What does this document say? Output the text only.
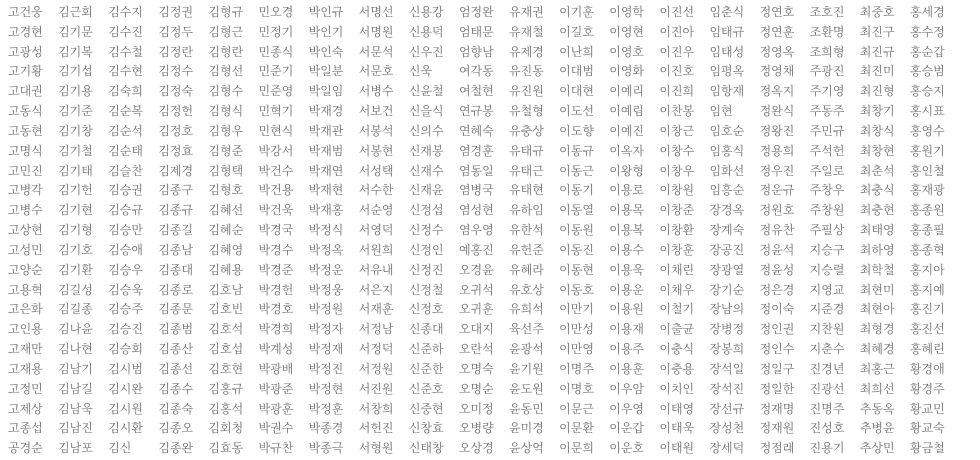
고건웅
고경현
고광성
고기황
고대권
고동식
고동현
고명식
고민진
고병각
고병수
고상현
고성민
고양순
고용혁
고은화
고인용
고재만
고재용
고정민
고제상
고종섭
공경순
김근회
김기문
김기복
김기섭
김기용
김기준
김기창
김기철
김기태
김기헌
김기현
김기형
김기호
김기환
김길성
김길종
김나윤
김나현
김남기
김남길
김남욱
김남진
김남포
김수지
김수진
김수철
김수현
김숙희
김순복
김순석
김순태
김슬찬
김승권
김승규
김승만
김승애
김승우
김승욱
김승주
김승진
김승회
김시범
김시완
김시원
김시환
김신
김정권
김정두
김정란
김정수
김정숙
김정헌
김정호
김정효
김제경
김종구
김종규
김종길
김종남
김종대
김종로
김종문
김종범
김종산
김종선
김종수
김종숙
김종오
김종완
김형규
김형근
김형란
김형선
김형수
김형식
김형우
김형준
김형택
김형호
김혜선
김혜순
김혜영
김혜용
김호남
김호빈
김호석
김호섭
김호현
김홍규
김홍석
김회청
김효동
민오경
민정기
민종식
민준기
민준영
민혁기
민현식
박강서
박건수
박건용
박건욱
박경국
박경수
박경준
박경헌
박경호
박경희
박계성
박광배
박광준
박광훈
박권수
박규찬
박인규
박인기
박인숙
박일분
박일임
박재경
박재관
박재범
박재연
박재현
박재홍
박정식
박정옥
박정운
박정웅
박정원
박정자
박정재
박정진
박정현
박정훈
박종경
박종극
서명선
서명원
서문석
서문호
서병수
서보건
서봉석
서봉현
서성택
서수한
서순영
서영덕
서원희
서유내
서은지
서재훈
서정남
서정덕
서정원
서진원
서창희
서헌진
서형원
신용강
신용덕
신우진
신욱
신윤철
신을식
신의수
신재봉
신재수
신재윤
신정섭
신정수
신정인
신정진
신정철
신정호
신종대
신준하
신준한
신준호
신중현
신창효
신태창
엄정완
엄태문
엄향남
여각동
여철현
연규봉
연혜숙
염경훈
염동일
염병국
염성현
염우영
예홍진
오경윤
오귀석
오귀훈
오대지
오란석
오명숙
오명순
오미정
오병량
오상경
유재권
유재철
유제경
유진동
유진원
유철형
유충상
유태규
유태근
유태현
유하임
유한석
유헌준
유혜라
유호상
유희석
육선주
윤광석
윤기원
윤도원
윤동민
윤미경
윤상억
이기훈
이길호
이난희
이대범
이대현
이도선
이도향
이동규
이동근
이동기
이동열
이동원
이동진
이동현
이동호
이만기
이만성
이만영
이명주
이명호
이문근
이문환
이문희
이영학
이영현
이영호
이영화
이예리
이예림
이예진
이옥자
이왕형
이용로
이용목
이용복
이용수
이용욱
이용운
이용원
이용재
이용주
이용훈
이우암
이우영
이운갑
이운호
이진선
이진아
이진우
이진호
이진희
이찬봉
이창근
이창수
이창우
이창원
이창준
이창환
이창훈
이채린
이채우
이철기
이출균
이충식
이충용
이치인
이태영
이태욱
이태원
임춘식
임태규
임태성
임평옥
임항재
임현
임호순
임홍식
임화선
임흥순
장경옥
장계숙
장공진
장광열
장기순
장남의
장병정
장봉희
장석일
장석진
장선규
장성천
장세덕
정연호
정연훈
정영옥
정영채
정옥지
정완식
정왕진
정용희
정우진
정운규
정원호
정유찬
정윤석
정윤성
정은경
정이숙
정인권
정인수
정일구
정일한
정재명
정재원
정점래
조호진
조환명
조희형
주광진
주기영
주동주
주민규
주석헌
주일로
주창우
주창원
주필상
지승구
지승렬
지영교
지준경
지찬원
지춘수
진경년
진광선
진명주
진성호
진용기
최중호
최진구
최진규
최진미
최진형
최창기
최창식
최창현
최춘석
최충식
최충현
최태영
최하영
최학철
최현미
최현아
최형경
최혜경
최홍근
최희선
추동옥
추병윤
추상민
홍세경
홍수정
홍순갑
홍승범
홍승지
홍시표
홍영수
홍원기
홍인철
홍재광
홍종원
홍종필
홍종혁
홍지아
홍지예
홍진기
홍진선
홍혜린
황경애
황경주
황교민
황교숙
황금철
